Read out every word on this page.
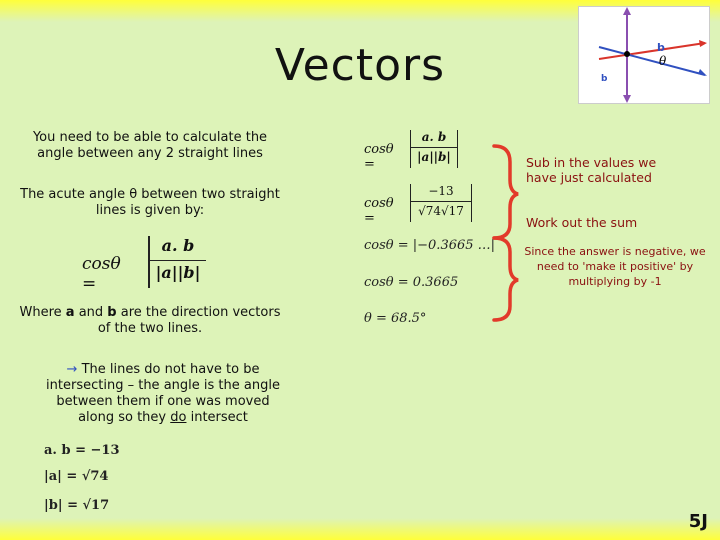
Vectors	b
θ
b
You need to be able to calculate the angle between any 2 straight lines
The acute angle θ between two straight lines is given by:
cosθ =	$\frac{a. b}{|a||b|}$
Where a and b are the direction vectors of the two lines.
→ The lines do not have to be intersecting – the angle is the angle between them if one was moved along so they do intersect
a. b = −13
|a| = √74
|b| = √17
cosθ =	$\frac{a. b}{|a||b|}$
cosθ =	$\frac{-13}{√74√17}$
cosθ = |−0.3665 …|
cosθ = 0.3665
θ = 68.5°
Sub in the values we have just calculated
Work out the sum
Since the answer is negative, we need to 'make it positive' by multiplying by -1
5J
